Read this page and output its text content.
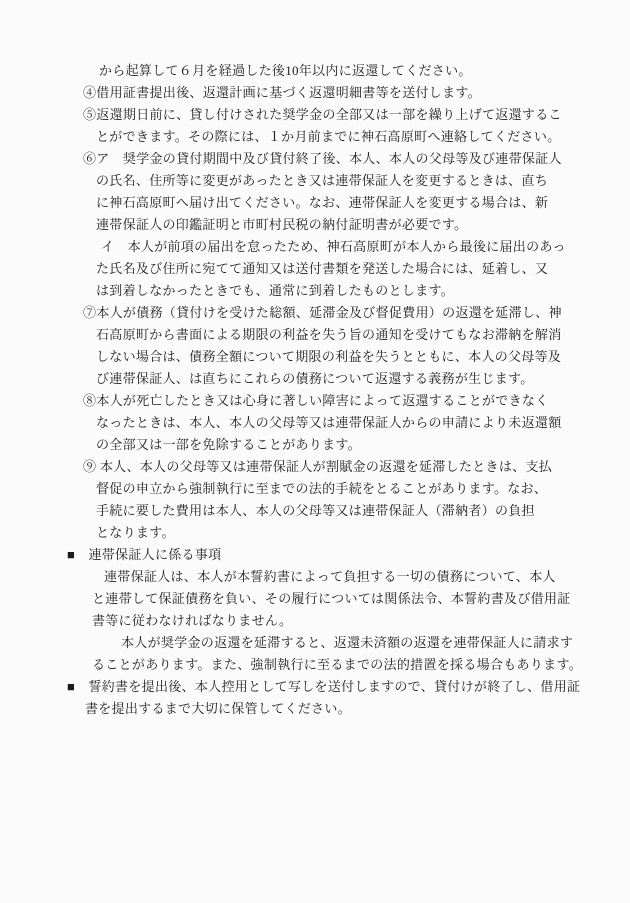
から起算して６月を経過した後10年以内に返還してください。
④借用証書提出後、返還計画に基づく返還明細書等を送付します。
⑤返還期日前に、貸し付けされた奨学金の全部又は一部を繰り上げて返還するこ
とができます。その際には、１か月前までに神石高原町へ連絡してください。
⑥ア　奨学金の貸付期間中及び貸付終了後、本人、本人の父母等及び連帯保証人
の氏名、住所等に変更があったとき又は連帯保証人を変更するときは、直ち
に神石高原町へ届け出てください。なお、連帯保証人を変更する場合は、新
連帯保証人の印鑑証明と市町村民税の納付証明書が必要です。
イ　本人が前項の届出を怠ったため、神石高原町が本人から最後に届出のあっ
た氏名及び住所に宛てて通知又は送付書類を発送した場合には、延着し、又
は到着しなかったときでも、通常に到着したものとします。
⑦本人が債務（貸付けを受けた総額、延滞金及び督促費用）の返還を延滞し、神
石高原町から書面による期限の利益を失う旨の通知を受けてもなお滞納を解消
しない場合は、債務全額について期限の利益を失うとともに、本人の父母等及
び連帯保証人、は直ちにこれらの債務について返還する義務が生じます。
⑧本人が死亡したとき又は心身に著しい障害によって返還することができなく
なったときは、本人、本人の父母等又は連帯保証人からの申請により未返還額
の全部又は一部を免除することがあります。
⑨ 本人、本人の父母等又は連帯保証人が割賦金の返還を延滞したときは、支払
督促の申立から強制執行に至までの法的手続をとることがあります。なお、
手続に要した費用は本人、本人の父母等又は連帯保証人（滞納者）の負担
となります。
■　連帯保証人に係る事項
連帯保証人は、本人が本誓約書によって負担する一切の債務について、本人
と連帯して保証債務を負い、その履行については関係法令、本誓約書及び借用証
書等に従わなければなりません。
本人が奨学金の返還を延滞すると、返還未済額の返還を連帯保証人に請求す
ることがあります。また、強制執行に至るまでの法的措置を採る場合もあります。
■　誓約書を提出後、本人控用として写しを送付しますので、貸付けが終了し、借用証
書を提出するまで大切に保管してください。
